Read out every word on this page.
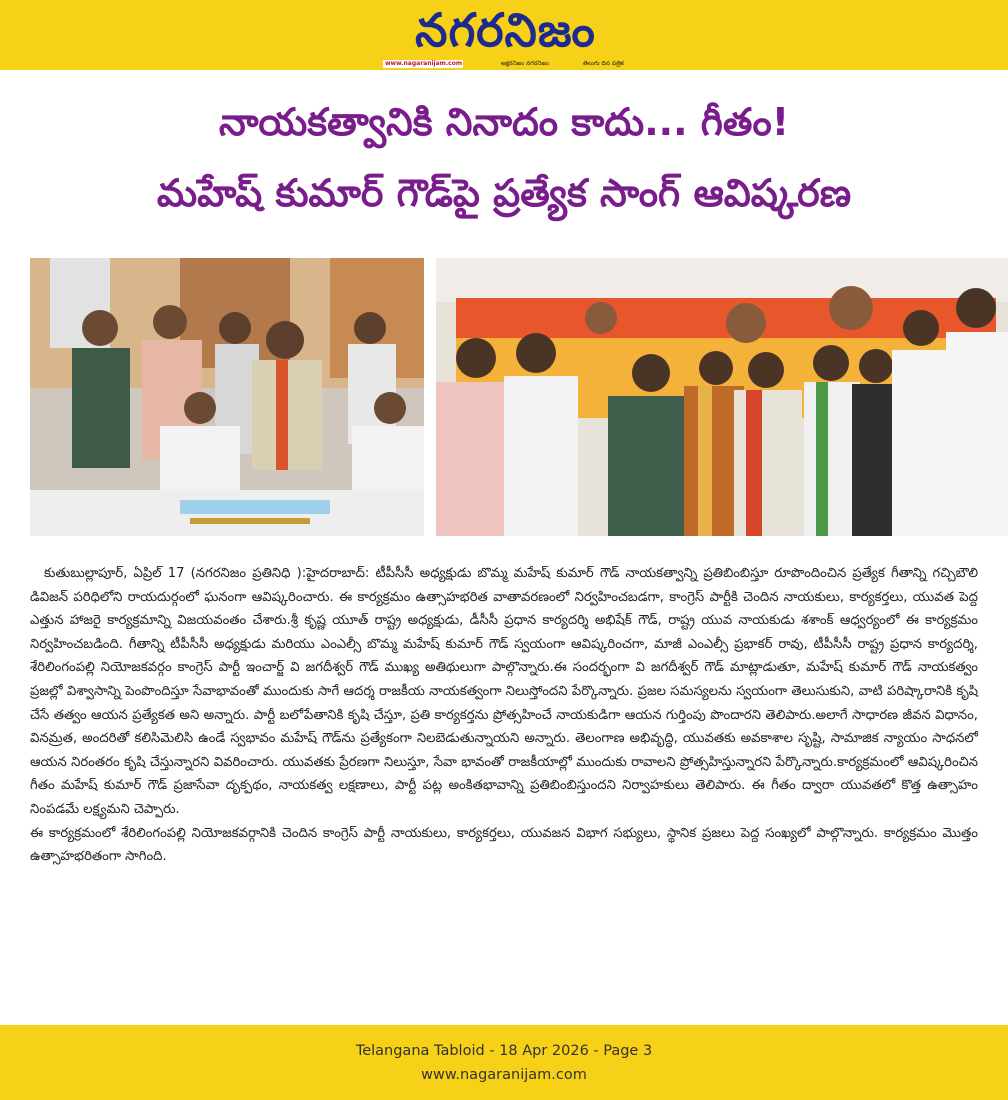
నగరనిజం
www.nagaranijam.com	అక్షరనిజం నగరనిజం	తెలుగు దిన పత్రిక
నాయకత్వానికి నినాదం కాదు... గీతం!
మహేష్ కుమార్ గౌడ్‌పై ప్రత్యేక సాంగ్ ఆవిష్కరణ

కుతుబుల్లాపూర్, ఏప్రిల్ 17 (నగరనిజం ప్రతినిధి ):హైదరాబాద్: టీపీసీసీ అధ్యక్షుడు బొమ్మ మహేష్ కుమార్ గౌడ్ నాయకత్వాన్ని ప్రతిబింబిస్తూ రూపొందించిన ప్రత్యేక గీతాన్ని గచ్చిబౌలి డివిజన్ పరిధిలోని రాయదుర్గంలో ఘనంగా ఆవిష్కరించారు. ఈ కార్యక్రమం ఉత్సాహభరిత వాతావరణంలో నిర్వహించబడగా, కాంగ్రెస్ పార్టీకి చెందిన నాయకులు, కార్యకర్తలు, యువత పెద్ద ఎత్తున హాజరై కార్యక్రమాన్ని విజయవంతం చేశారు.శ్రీ కృష్ణ యూత్ రాష్ట్ర అధ్యక్షుడు, డీసీసీ ప్రధాన కార్యదర్శి అభిషేక్ గౌడ్, రాష్ట్ర యువ నాయకుడు శశాంక్ ఆధ్వర్యంలో ఈ కార్యక్రమం నిర్వహించబడింది. గీతాన్ని టీపీసీసీ అధ్యక్షుడు మరియు ఎంఎల్సీ బొమ్మ మహేష్ కుమార్ గౌడ్ స్వయంగా ఆవిష్కరించగా, మాజీ ఎంఎల్సీ ప్రభాకర్ రావు, టీపీసీసీ రాష్ట్ర ప్రధాన కార్యదర్శి, శేరిలింగంపల్లి నియోజకవర్గం కాంగ్రెస్ పార్టీ ఇంచార్జ్ వి జగదీశ్వర్ గౌడ్ ముఖ్య అతిథులుగా పాల్గొన్నారు.ఈ సందర్భంగా వి జగదీశ్వర్ గౌడ్ మాట్లాడుతూ, మహేష్ కుమార్ గౌడ్ నాయకత్వం ప్రజల్లో విశ్వాసాన్ని పెంపొందిస్తూ సేవాభావంతో ముందుకు సాగే ఆదర్శ రాజకీయ నాయకత్వంగా నిలుస్తోందని పేర్కొన్నారు. ప్రజల సమస్యలను స్వయంగా తెలుసుకుని, వాటి పరిష్కారానికి కృషి చేసే తత్వం ఆయన ప్రత్యేకత అని అన్నారు. పార్టీ బలోపేతానికి కృషి చేస్తూ, ప్రతి కార్యకర్తను ప్రోత్సహించే నాయకుడిగా ఆయన గుర్తింపు పొందారని తెలిపారు.అలాగే సాధారణ జీవన విధానం, వినమ్రత, అందరితో కలిసిమెలిసి ఉండే స్వభావం మహేష్ గౌడ్‌ను ప్రత్యేకంగా నిలబెడుతున్నాయని అన్నారు. తెలంగాణ అభివృద్ధి, యువతకు అవకాశాల సృష్టి, సామాజిక న్యాయం సాధనలో ఆయన నిరంతరం కృషి చేస్తున్నారని వివరించారు. యువతకు ప్రేరణగా నిలుస్తూ, సేవా భావంతో రాజకీయాల్లో ముందుకు రావాలని ప్రోత్సహిస్తున్నారని పేర్కొన్నారు.కార్యక్రమంలో ఆవిష్కరించిన గీతం మహేష్ కుమార్ గౌడ్ ప్రజాసేవా దృక్పథం, నాయకత్వ లక్షణాలు, పార్టీ పట్ల అంకితభావాన్ని ప్రతిబింబిస్తుందని నిర్వాహకులు తెలిపారు. ఈ గీతం ద్వారా యువతలో కొత్త ఉత్సాహం నింపడమే లక్ష్యమని చెప్పారు.

ఈ కార్యక్రమంలో శేరిలింగంపల్లి నియోజకవర్గానికి చెందిన కాంగ్రెస్ పార్టీ నాయకులు, కార్యకర్తలు, యువజన విభాగ సభ్యులు, స్థానిక ప్రజలు పెద్ద సంఖ్యలో పాల్గొన్నారు. కార్యక్రమం మొత్తం ఉత్సాహభరితంగా సాగింది.

Telangana Tabloid - 18 Apr 2026 - Page 3
www.nagaranijam.com
